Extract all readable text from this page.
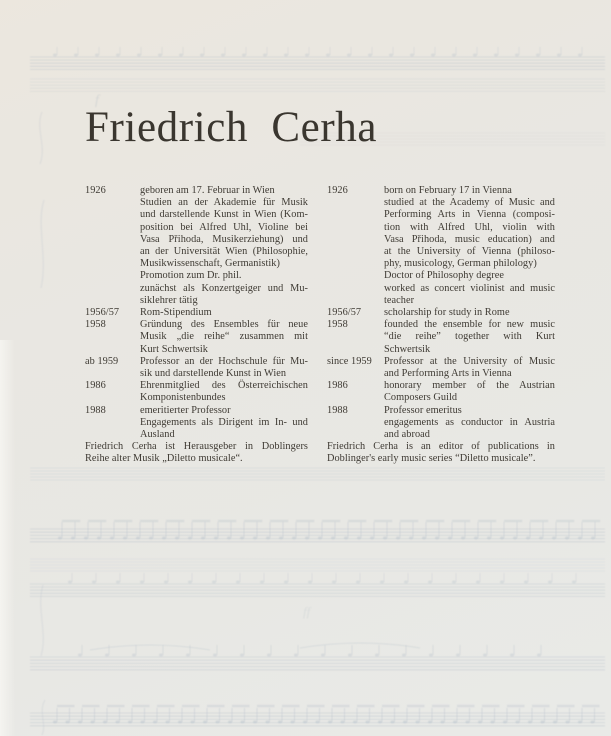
f
ff
Friedrich Cerha
1926	geboren am 17. Februar in Wien
Studien an der Akademie für Musik
und darstellende Kunst in Wien (Kom-
position bei Alfred Uhl, Violine bei
Vasa Přihoda, Musikerziehung) und
an der Universität Wien (Philosophie,
Musikwissenschaft, Germanistik)
Promotion zum Dr. phil.
zunächst als Konzertgeiger und Mu-
siklehrer tätig
1956/57	Rom-Stipendium
1958	Gründung des Ensembles für neue
Musik „die reihe“ zusammen mit
Kurt Schwertsik
ab 1959	Professor an der Hochschule für Mu-
sik und darstellende Kunst in Wien
1986	Ehrenmitglied des Österreichischen
Komponistenbundes
1988	emeritierter Professor
Engagements als Dirigent im In- und
Ausland
Friedrich Cerha ist Herausgeber in Doblingers
Reihe alter Musik „Diletto musicale“.
1926	born on February 17 in Vienna
studied at the Academy of Music and
Performing Arts in Vienna (composi-
tion with Alfred Uhl, violin with
Vasa Přihoda, music education) and
at the University of Vienna (philoso-
phy, musicology, German philology)
Doctor of Philosophy degree
worked as concert violinist and music
teacher
1956/57	scholarship for study in Rome
1958	founded the ensemble for new music
“die reihe” together with Kurt
Schwertsik
since 1959	Professor at the University of Music
and Performing Arts in Vienna
1986	honorary member of the Austrian
Composers Guild
1988	Professor emeritus
engagements as conductor in Austria
and abroad
Friedrich Cerha is an editor of publications in
Doblinger's early music series “Diletto musicale”.
